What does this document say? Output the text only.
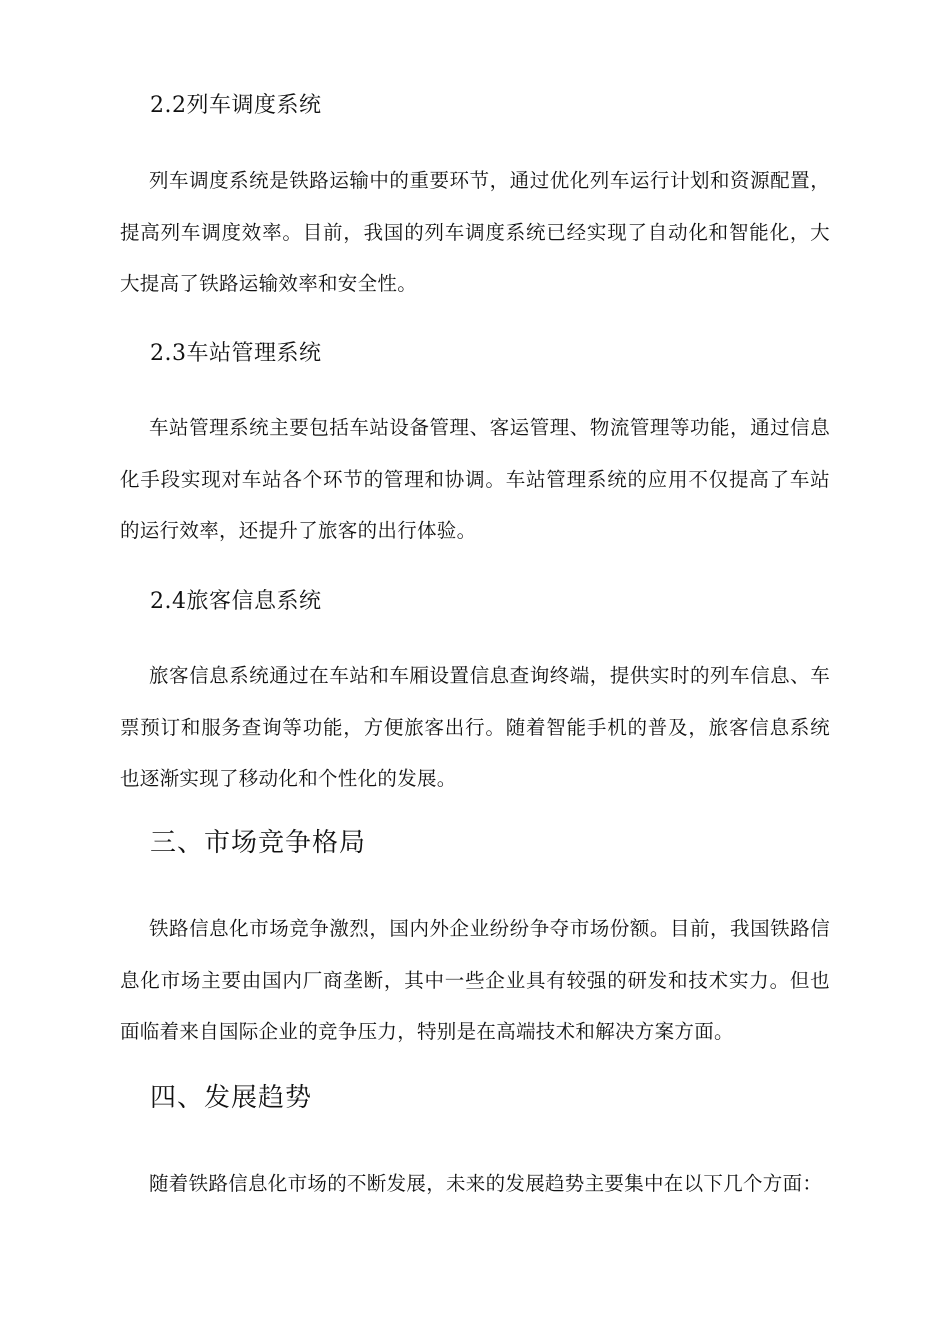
2.2列车调度系统

列车调度系统是铁路运输中的重要环节，通过优化列车运行计划和资源配置，提高列车调度效率。目前，我国的列车调度系统已经实现了自动化和智能化，大大提高了铁路运输效率和安全性。

2.3车站管理系统

车站管理系统主要包括车站设备管理、客运管理、物流管理等功能，通过信息化手段实现对车站各个环节的管理和协调。车站管理系统的应用不仅提高了车站的运行效率，还提升了旅客的出行体验。

2.4旅客信息系统

旅客信息系统通过在车站和车厢设置信息查询终端，提供实时的列车信息、车票预订和服务查询等功能，方便旅客出行。随着智能手机的普及，旅客信息系统也逐渐实现了移动化和个性化的发展。

三、市场竞争格局

铁路信息化市场竞争激烈，国内外企业纷纷争夺市场份额。目前，我国铁路信息化市场主要由国内厂商垄断，其中一些企业具有较强的研发和技术实力。但也面临着来自国际企业的竞争压力，特别是在高端技术和解决方案方面。

四、发展趋势

随着铁路信息化市场的不断发展，未来的发展趋势主要集中在以下几个方面：
